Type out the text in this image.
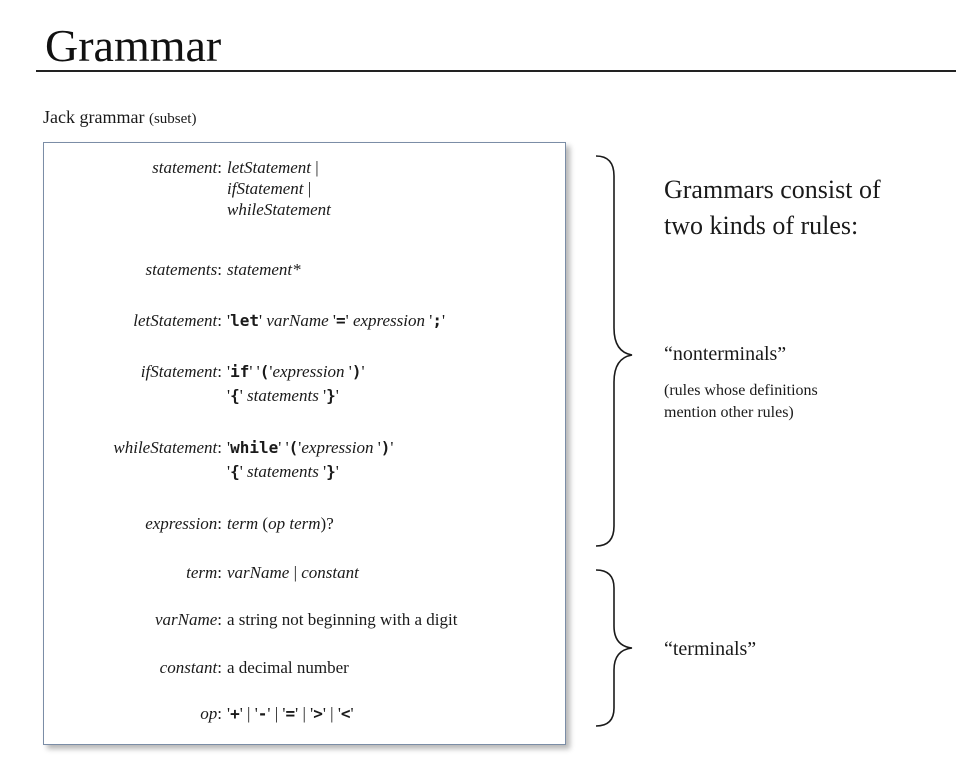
Grammar
Jack grammar (subset)
statement: letStatement |
ifStatement |
whileStatement
statements: statement*
letStatement: 'let' varName '=' expression ';'
ifStatement: 'if' '('expression ')'
'{' statements '}'
whileStatement: 'while' '('expression ')'
'{' statements '}'
expression: term (op term)?
term: varName | constant
varName: a string not beginning with a digit
constant: a decimal number
op: '+' | '-' | '=' | '>' | '<'
Grammars consist of
two kinds of rules:
“nonterminals”
(rules whose definitions
mention other rules)
“terminals”
